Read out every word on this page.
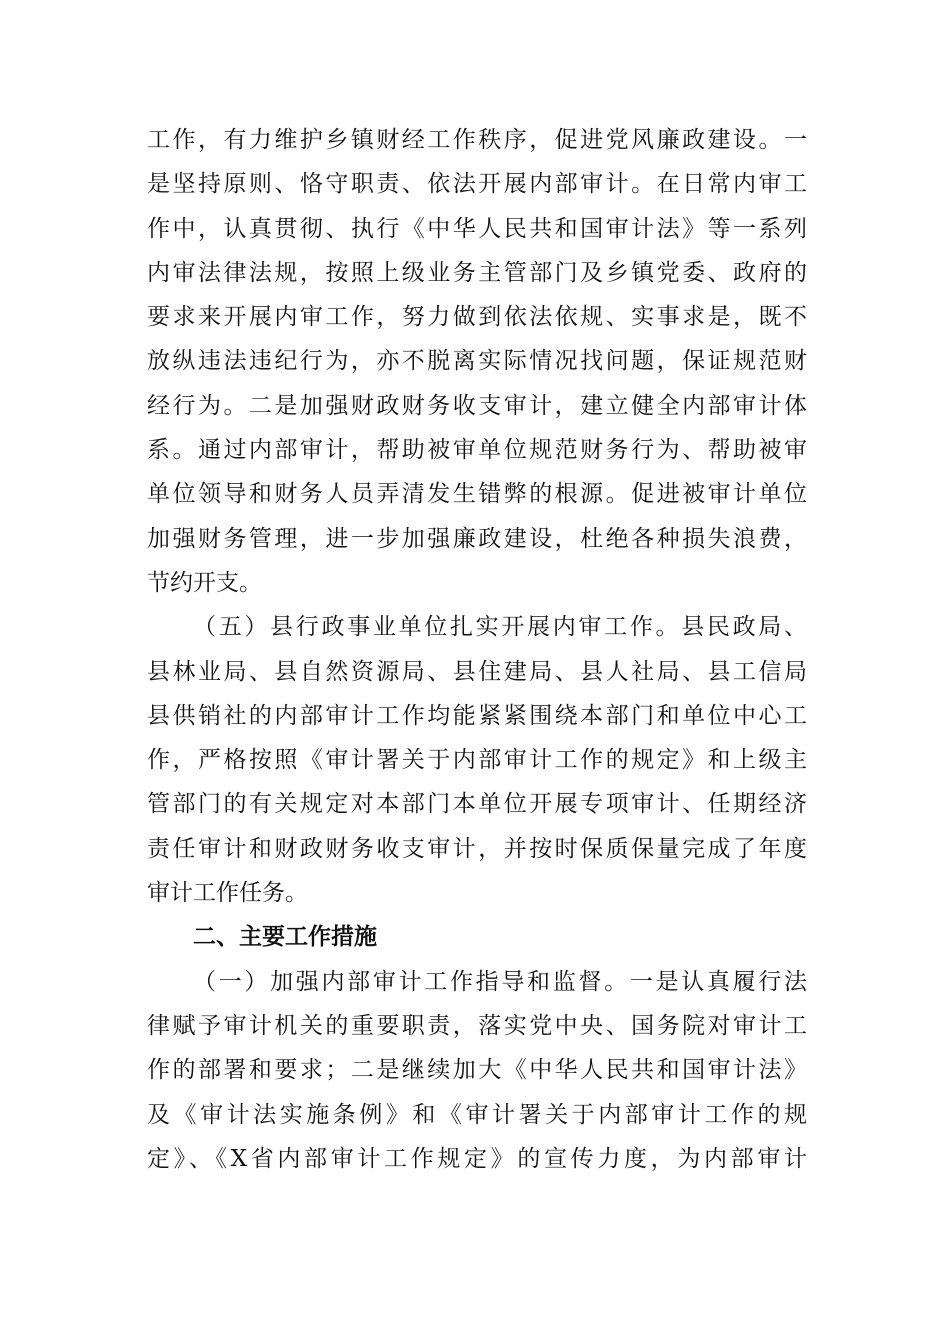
工作，有力维护乡镇财经工作秩序，促进党风廉政建设。一
是坚持原则、恪守职责、依法开展内部审计。在日常内审工
作中，认真贯彻、执行《中华人民共和国审计法》等一系列
内审法律法规，按照上级业务主管部门及乡镇党委、政府的
要求来开展内审工作，努力做到依法依规、实事求是，既不
放纵违法违纪行为，亦不脱离实际情况找问题，保证规范财
经行为。二是加强财政财务收支审计，建立健全内部审计体
系。通过内部审计，帮助被审单位规范财务行为、帮助被审
单位领导和财务人员弄清发生错弊的根源。促进被审计单位
加强财务管理，进一步加强廉政建设，杜绝各种损失浪费，
节约开支。
（五）县行政事业单位扎实开展内审工作。县民政局、
县林业局、县自然资源局、县住建局、县人社局、县工信局
县供销社的内部审计工作均能紧紧围绕本部门和单位中心工
作，严格按照《审计署关于内部审计工作的规定》和上级主
管部门的有关规定对本部门本单位开展专项审计、任期经济
责任审计和财政财务收支审计，并按时保质保量完成了年度
审计工作任务。
二、主要工作措施
（一）加强内部审计工作指导和监督。一是认真履行法
律赋予审计机关的重要职责，落实党中央、国务院对审计工
作的部署和要求；二是继续加大《中华人民共和国审计法》
及《审计法实施条例》和《审计署关于内部审计工作的规
定》、《X省内部审计工作规定》的宣传力度，为内部审计
